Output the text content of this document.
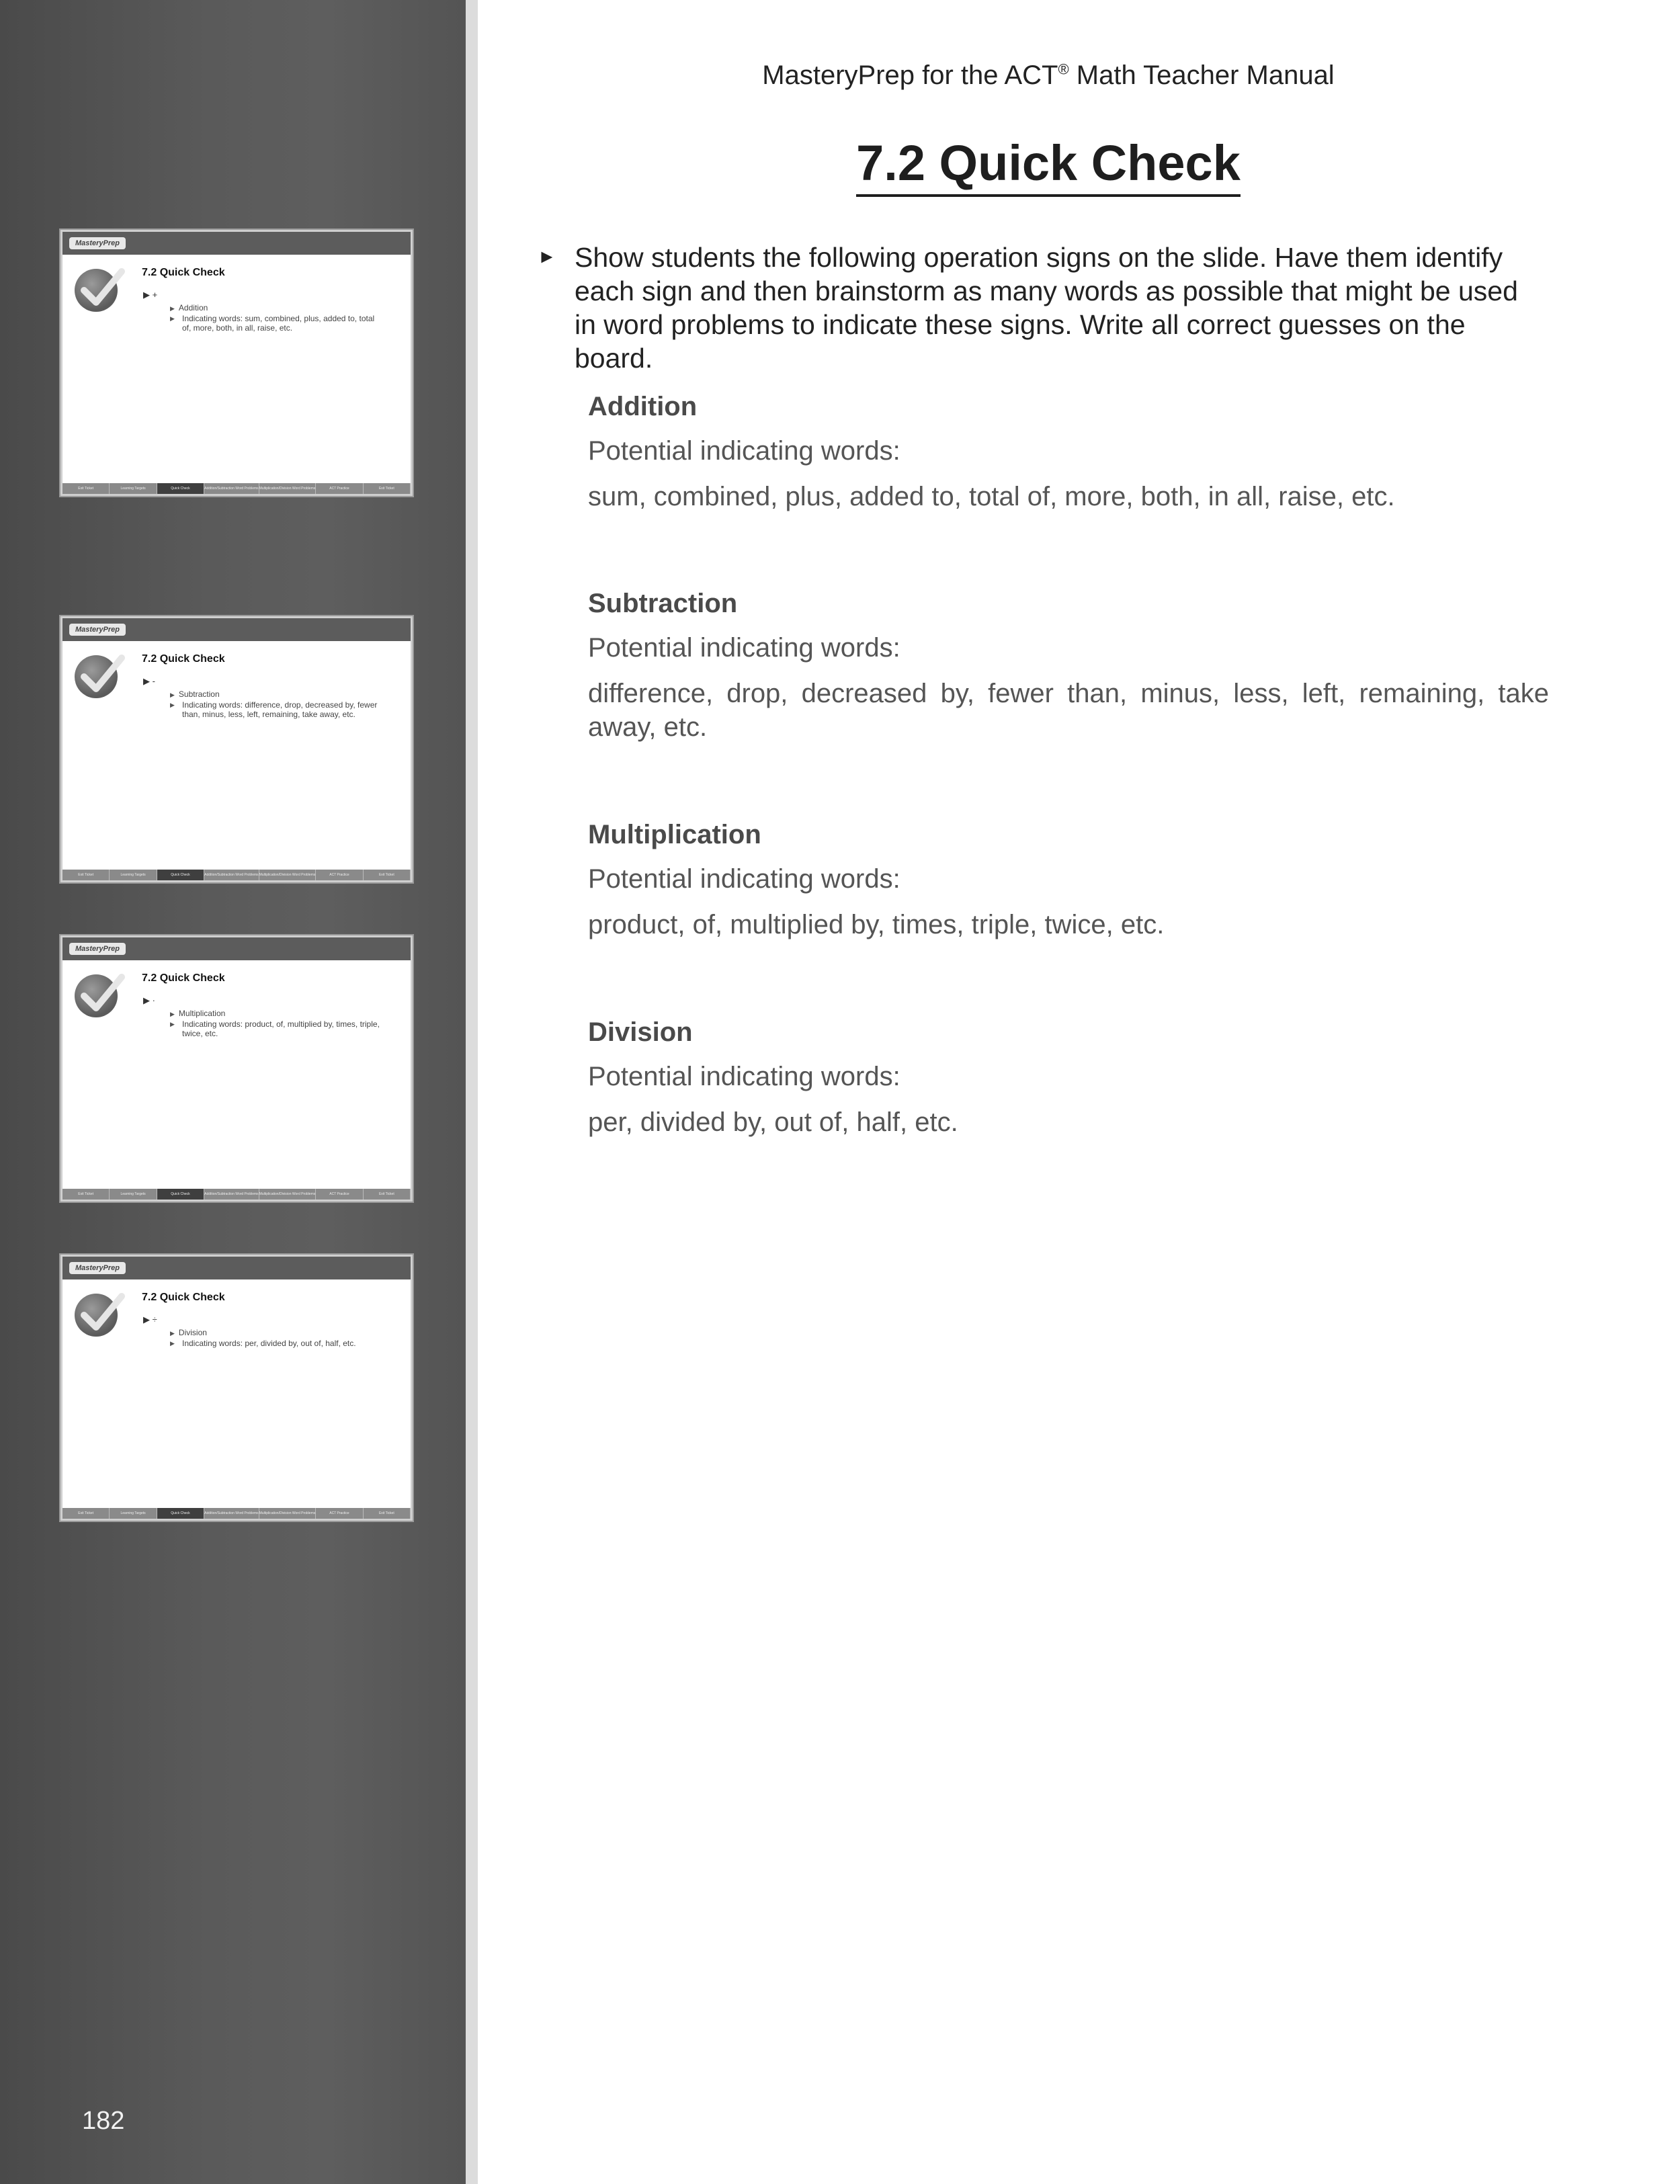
MasteryPrep
7.2 Quick Check
▶ +
▶ Addition
▶ Indicating words: sum, combined, plus, added to, total of, more, both, in all, raise, etc.
Exit Ticket	Learning Targets	Quick Check	Addition/Subtraction Word Problems Multiplication/Division Word Problems	ACT Practice	Exit Ticket
MasteryPrep
7.2 Quick Check
▶ -
▶ Subtraction
▶ Indicating words: difference, drop, decreased by, fewer than, minus, less, left, remaining, take away, etc.
Exit Ticket	Learning Targets	Quick Check	Addition/Subtraction Word Problems Multiplication/Division Word Problems	ACT Practice	Exit Ticket
MasteryPrep
7.2 Quick Check
▶ ·
▶ Multiplication
▶ Indicating words: product, of, multiplied by, times, triple, twice, etc.
Exit Ticket	Learning Targets	Quick Check	Addition/Subtraction Word Problems Multiplication/Division Word Problems	ACT Practice	Exit Ticket
MasteryPrep
7.2 Quick Check
▶ ÷
▶ Division
▶ Indicating words: per, divided by, out of, half, etc.
Exit Ticket	Learning Targets	Quick Check	Addition/Subtraction Word Problems Multiplication/Division Word Problems	ACT Practice	Exit Ticket
182
MasteryPrep for the ACT® Math Teacher Manual
7.2 Quick Check
► Show students the following operation signs on the slide. Have them identify each sign and then brainstorm as many words as possible that might be used in word problems to indicate these signs. Write all correct guesses on the board.
Addition
Potential indicating words:
sum, combined, plus, added to, total of, more, both, in all, raise, etc.
Subtraction
Potential indicating words:
difference, drop, decreased by, fewer than, minus, less, left, remaining, take away, etc.
Multiplication
Potential indicating words:
product, of, multiplied by, times, triple, twice, etc.
Division
Potential indicating words:
per, divided by, out of, half, etc.
